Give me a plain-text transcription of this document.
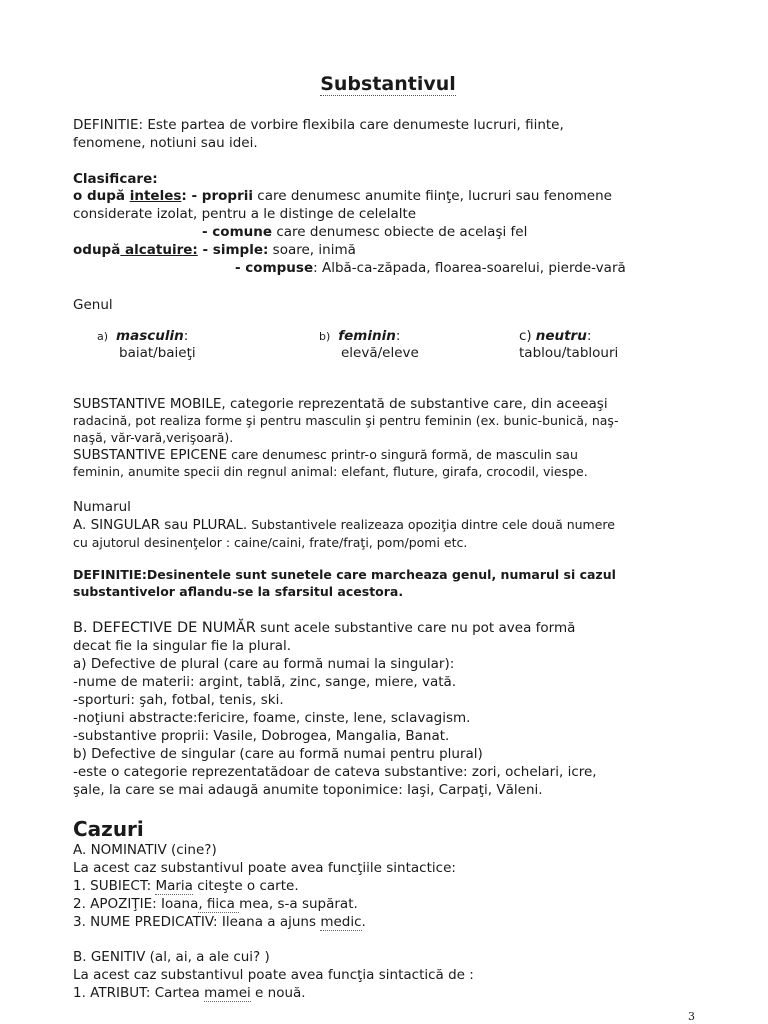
Substantivul
DEFINITIE: Este partea de vorbire flexibila care denumeste lucruri, fiinte,
fenomene, notiuni sau idei.
Clasificare:
o după inteles: - proprii care denumesc anumite fiinţe, lucruri sau fenomene
considerate izolat, pentru a le distinge de celelalte
- comune care denumesc obiecte de acelaşi fel
odupă alcatuire: - simple: soare, inimă
- compuse: Albă-ca-zăpada, floarea-soarelui, pierde-vară
Genul
a) masculin:
baiat/baieţi
b) feminin:
elevă/eleve
c) neutru:
tablou/tablouri
SUBSTANTIVE MOBILE, categorie reprezentată de substantive care, din aceeaşi
radacină, pot realiza forme şi pentru masculin şi pentru feminin (ex. bunic-bunică, naş-
naşă, văr-vară,verişoară).
SUBSTANTIVE EPICENE care denumesc printr-o singură formă, de masculin sau
feminin, anumite specii din regnul animal: elefant, fluture, girafa, crocodil, viespe.
Numarul
A. SINGULAR sau PLURAL. Substantivele realizeaza opoziţia dintre cele două numere
cu ajutorul desinenţelor : caine/caini, frate/fraţi, pom/pomi etc.
DEFINITIE:Desinentele sunt sunetele care marcheaza genul, numarul si cazul
substantivelor aflandu-se la sfarsitul acestora.
B. DEFECTIVE DE NUMĂR sunt acele substantive care nu pot avea formă
decat fie la singular fie la plural.
a) Defective de plural (care au formă numai la singular):
-nume de materii: argint, tablă, zinc, sange, miere, vată.
-sporturi: şah, fotbal, tenis, ski.
-noţiuni abstracte:fericire, foame, cinste, lene, sclavagism.
-substantive proprii: Vasile, Dobrogea, Mangalia, Banat.
b) Defective de singular (care au formă numai pentru plural)
-este o categorie reprezentatădoar de cateva substantive: zori, ochelari, icre,
şale, la care se mai adaugă anumite toponimice: Iaşi, Carpaţi, Văleni.
Cazuri
A. NOMINATIV (cine?)
La acest caz substantivul poate avea funcţiile sintactice:
1. SUBIECT: Maria citeşte o carte.
2. APOZIŢIE: Ioana, fiica mea, s-a supărat.
3. NUME PREDICATIV: Ileana a ajuns medic.
B. GENITIV (al, ai, a ale cui? )
La acest caz substantivul poate avea funcţia sintactică de :
1. ATRIBUT: Cartea mamei e nouă.
3
